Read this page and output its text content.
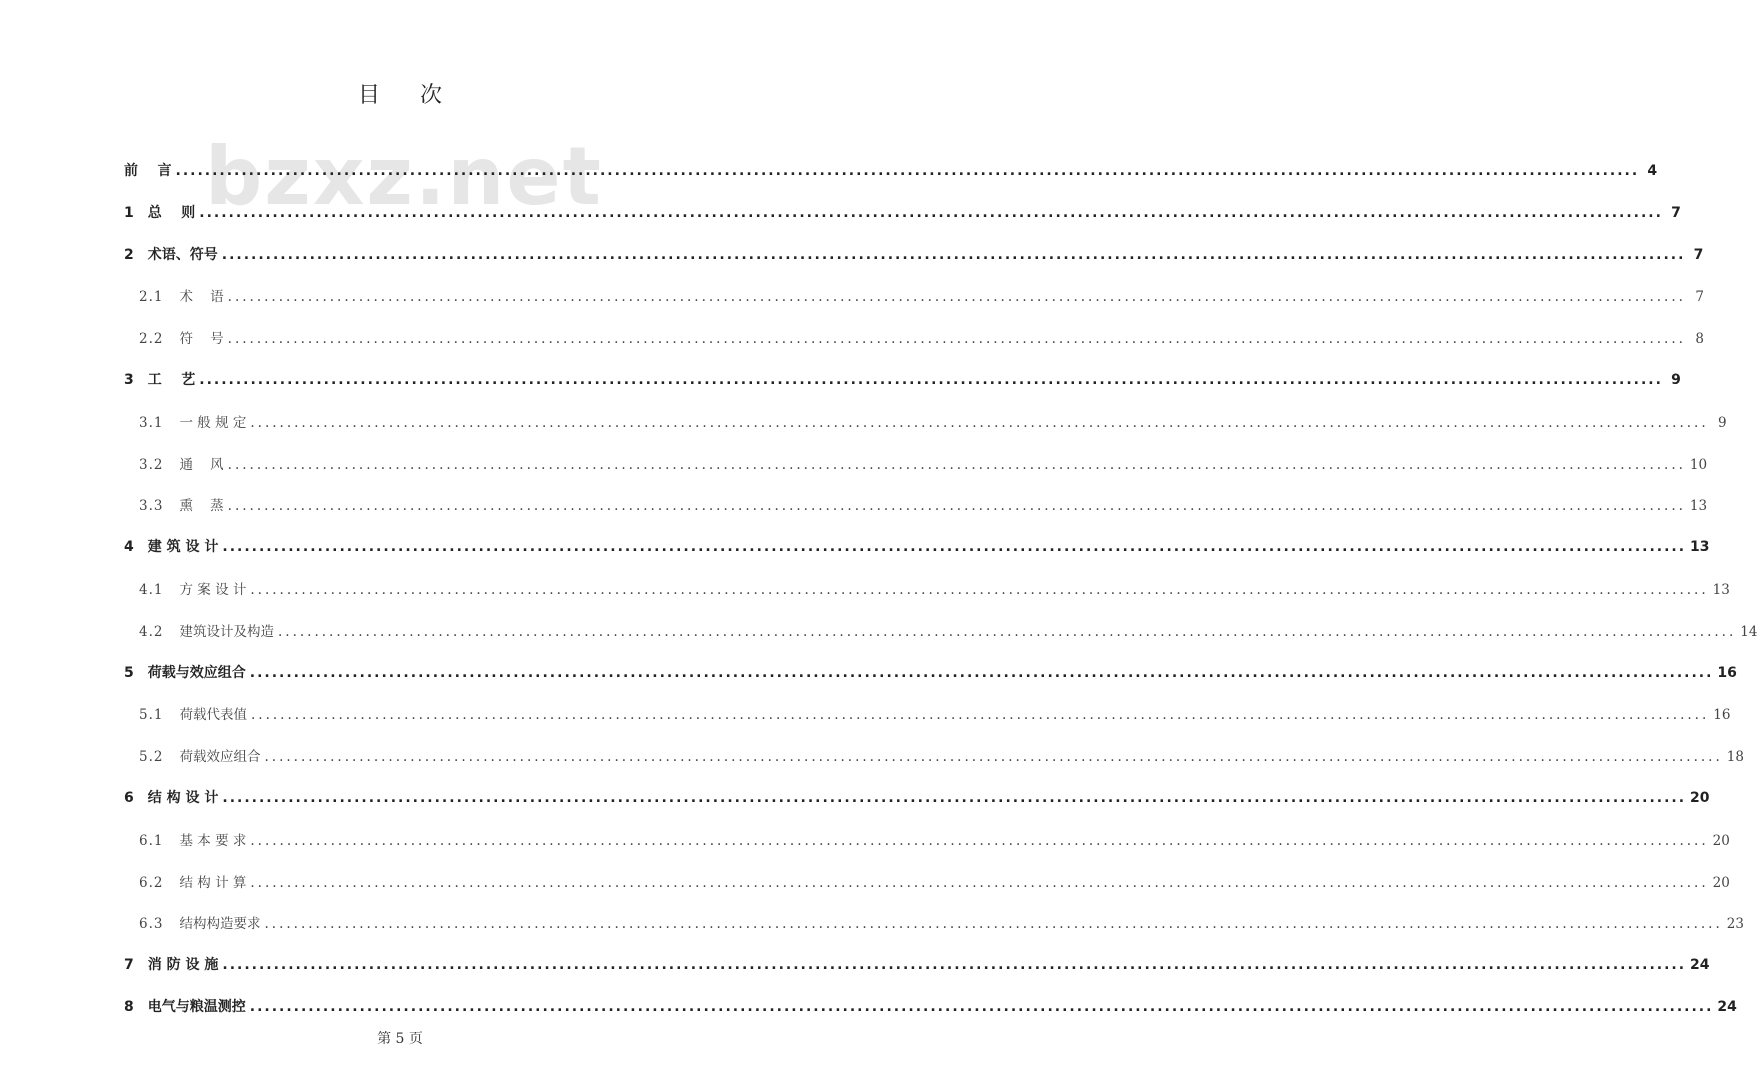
bzxz.net
目次
前    言 ........................................................................................................................................................................................................ 4
1 总    则 ........................................................................................................................................................................................................ 7
2 术语、符号 ........................................................................................................................................................................................................ 7
2.1 术    语 ........................................................................................................................................................................................................ 7
2.2 符    号 ........................................................................................................................................................................................................ 8
3 工    艺 ........................................................................................................................................................................................................ 9
3.1 一 般 规 定 ........................................................................................................................................................................................................ 9
3.2 通    风 ........................................................................................................................................................................................................ 10
3.3 熏    蒸 ........................................................................................................................................................................................................ 13
4 建 筑 设 计 ........................................................................................................................................................................................................ 13
4.1 方 案 设 计 ........................................................................................................................................................................................................ 13
4.2 建筑设计及构造 ........................................................................................................................................................................................................ 14
5 荷载与效应组合 ........................................................................................................................................................................................................ 16
5.1 荷载代表值 ........................................................................................................................................................................................................ 16
5.2 荷载效应组合 ........................................................................................................................................................................................................ 18
6 结 构 设 计 ........................................................................................................................................................................................................ 20
6.1 基 本 要 求 ........................................................................................................................................................................................................ 20
6.2 结 构 计 算 ........................................................................................................................................................................................................ 20
6.3 结构构造要求 ........................................................................................................................................................................................................ 23
7 消 防 设 施 ........................................................................................................................................................................................................ 24
8 电气与粮温测控 ........................................................................................................................................................................................................ 24
第 5 页
